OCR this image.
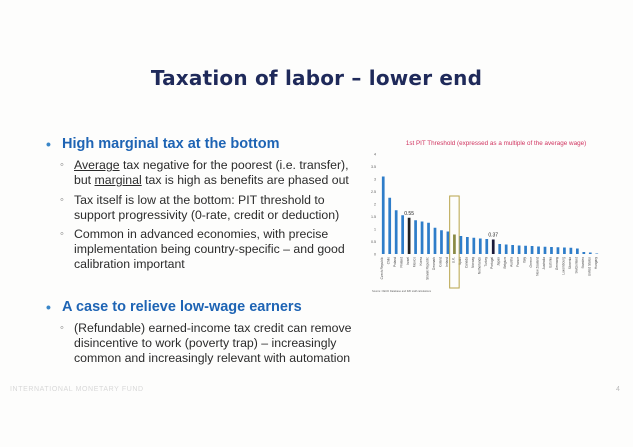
Taxation of labor – lower end
• High marginal tax at the bottom
◦ Average tax negative for the poorest (i.e. transfer), but marginal tax is high as benefits are phased out
◦ Tax itself is low at the bottom: PIT threshold to support progressivity (0-rate, credit or deduction)
◦ Common in advanced economies, with precise implementation being country-specific – and good calibration important
• A case to relieve low-wage earners
◦ (Refundable) earned-income tax credit can remove disincentive to work (poverty trap) – increasingly common and increasingly relevant with automation
1st PIT Threshold (expressed as a multiple of the average wage)
0
0.5
1
1.5
2
2.5
3
3.5
4
Czech Republic Chile Poland Finland Israel Mexico Korea Slovak Republic Denmark Iceland Ireland U.K. Spain Canada Norway Netherlands Turkey Portugal Japan Belgium Austria France Italy Greece New Zealand Australia Estonia Germany Luxembourg Slovenia Switzerland Sweden United States Hungary
0.55
0.37
Source: OECD Database and IMF staff calculations
INTERNATIONAL MONETARY FUND	4
